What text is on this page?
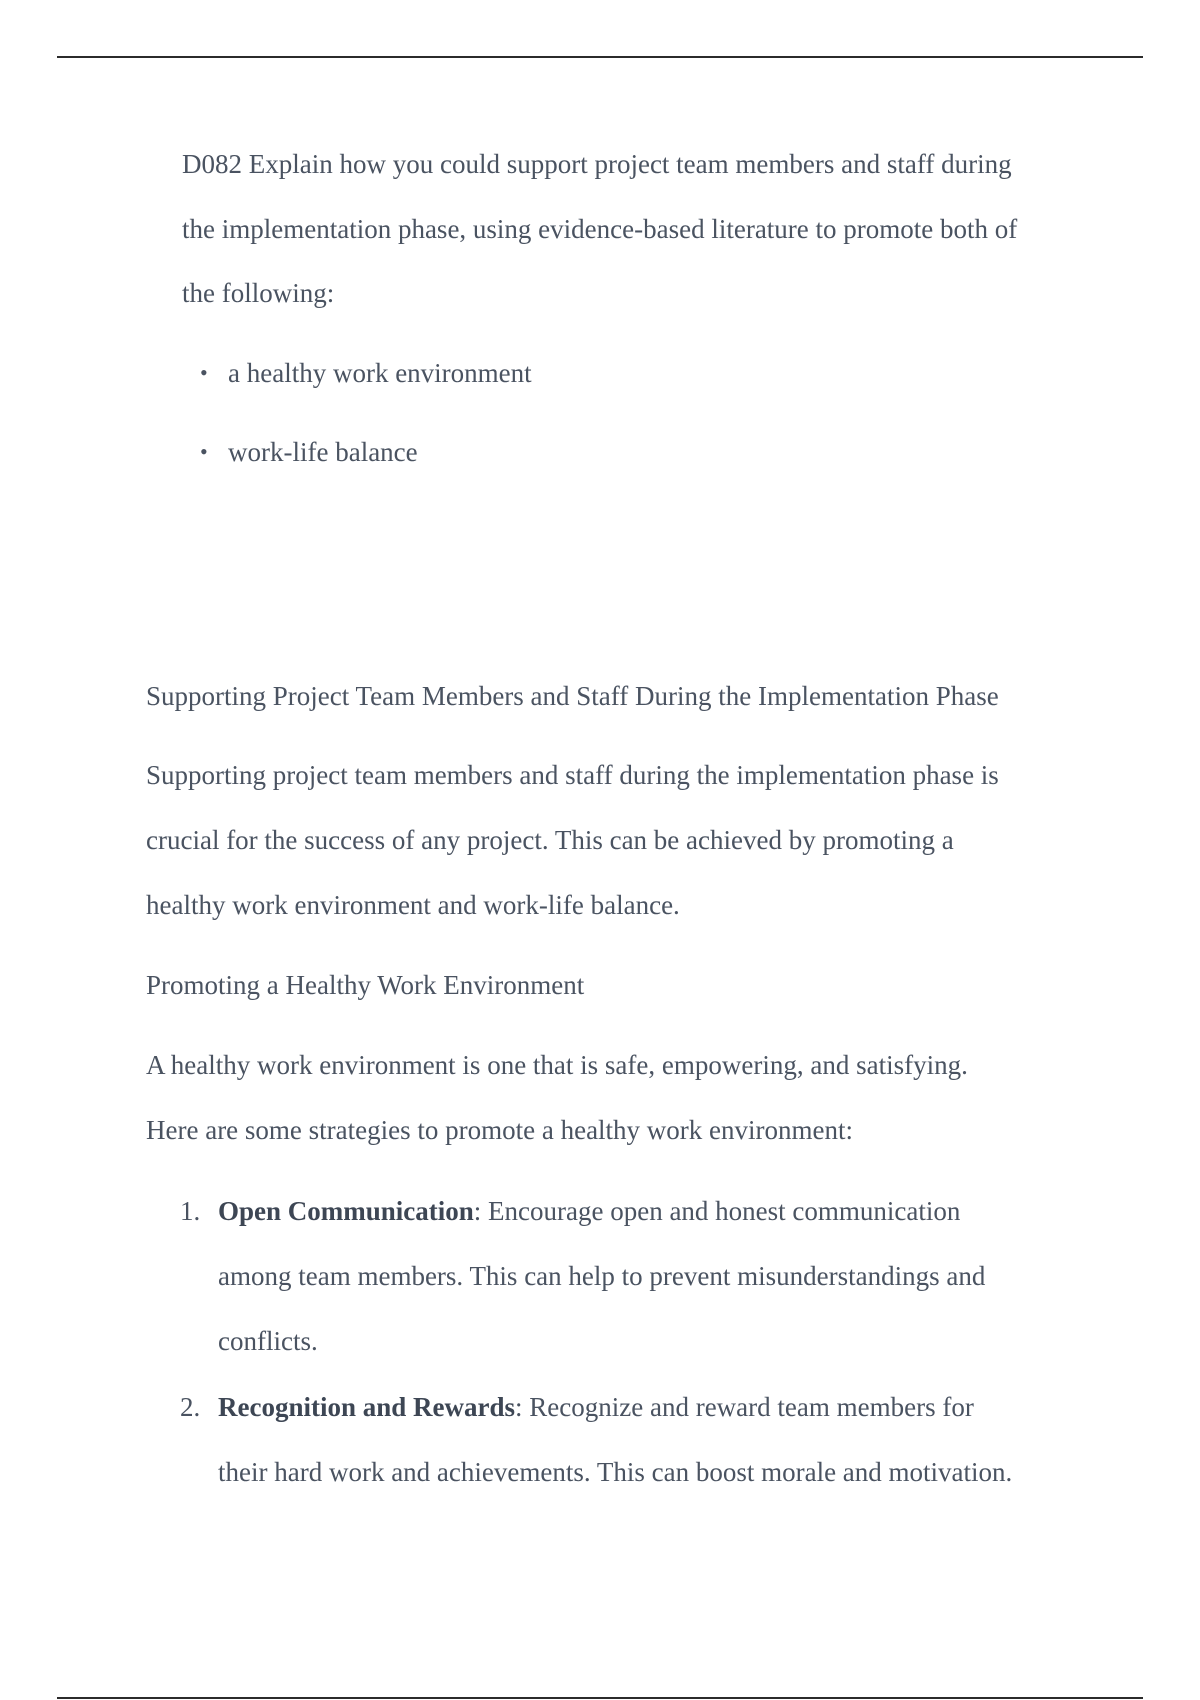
D082 Explain how you could support project team members and staff during
the implementation phase, using evidence-based literature to promote both of
the following:

• a healthy work environment
• work-life balance
Supporting Project Team Members and Staff During the Implementation Phase

Supporting project team members and staff during the implementation phase is
crucial for the success of any project. This can be achieved by promoting a
healthy work environment and work-life balance.

Promoting a Healthy Work Environment

A healthy work environment is one that is safe, empowering, and satisfying.
Here are some strategies to promote a healthy work environment:

1. Open Communication: Encourage open and honest communication
among team members. This can help to prevent misunderstandings and
conflicts.
2. Recognition and Rewards: Recognize and reward team members for
their hard work and achievements. This can boost morale and motivation.
